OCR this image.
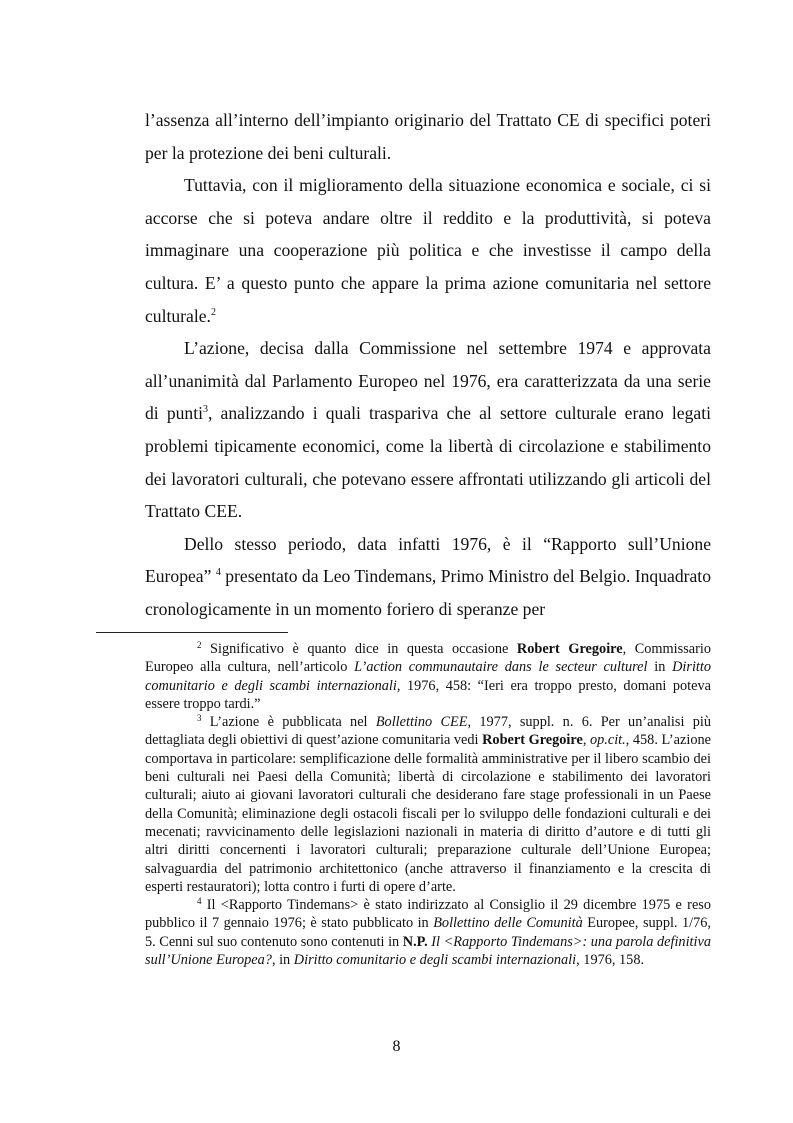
l’assenza all’interno dell’impianto originario del Trattato CE di specifici poteri per la protezione dei beni culturali.

Tuttavia, con il miglioramento della situazione economica e sociale, ci si accorse che si poteva andare oltre il reddito e la produttività, si poteva immaginare una cooperazione più politica e che investisse il campo della cultura. E’ a questo punto che appare la prima azione comunitaria nel settore culturale.$^2$

L’azione, decisa dalla Commissione nel settembre 1974 e approvata all’unanimità dal Parlamento Europeo nel 1976, era caratterizzata da una serie di punti$^3$, analizzando i quali traspariva che al settore culturale erano legati problemi tipicamente economici, come la libertà di circolazione e stabilimento dei lavoratori culturali, che potevano essere affrontati utilizzando gli articoli del Trattato CEE.

Dello stesso periodo, data infatti 1976, è il “Rapporto sull’Unione Europea” $^4$ presentato da Leo Tindemans, Primo Ministro del Belgio. Inquadrato cronologicamente in un momento foriero di speranze per

$^2$ Significativo è quanto dice in questa occasione Robert Gregoire, Commissario Europeo alla cultura, nell’articolo L’action communautaire dans le secteur culturel in Diritto comunitario e degli scambi internazionali, 1976, 458: “Ieri era troppo presto, domani poteva essere troppo tardi.”

$^3$ L’azione è pubblicata nel Bollettino CEE, 1977, suppl. n. 6. Per un’analisi più dettagliata degli obiettivi di quest’azione comunitaria vedi Robert Gregoire, op.cit., 458. L’azione comportava in particolare: semplificazione delle formalità amministrative per il libero scambio dei beni culturali nei Paesi della Comunità; libertà di circolazione e stabilimento dei lavoratori culturali; aiuto ai giovani lavoratori culturali che desiderano fare stage professionali in un Paese della Comunità; eliminazione degli ostacoli fiscali per lo sviluppo delle fondazioni culturali e dei mecenati; ravvicinamento delle legislazioni nazionali in materia di diritto d’autore e di tutti gli altri diritti concernenti i lavoratori culturali; preparazione culturale dell’Unione Europea; salvaguardia del patrimonio architettonico (anche attraverso il finanziamento e la crescita di esperti restauratori); lotta contro i furti di opere d’arte.

$^4$ Il <Rapporto Tindemans> è stato indirizzato al Consiglio il 29 dicembre 1975 e reso pubblico il 7 gennaio 1976; è stato pubblicato in Bollettino delle Comunità Europee, suppl. 1/76, 5. Cenni sul suo contenuto sono contenuti in N.P. Il <Rapporto Tindemans>: una parola definitiva sull’Unione Europea?, in Diritto comunitario e degli scambi internazionali, 1976, 158.

8
